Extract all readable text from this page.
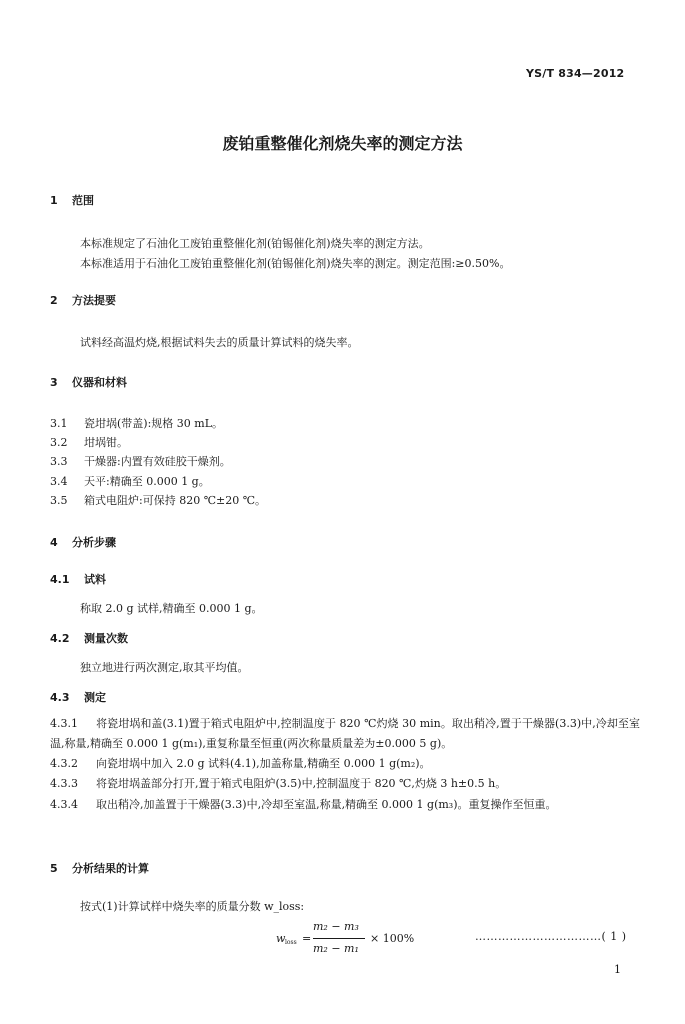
YS/T 834—2012
废铂重整催化剂烧失率的测定方法
1 范围
本标准规定了石油化工废铂重整催化剂(铂锡催化剂)烧失率的测定方法。
本标准适用于石油化工废铂重整催化剂(铂锡催化剂)烧失率的测定。测定范围:≥0.50%。
2 方法提要
试料经高温灼烧,根据试料失去的质量计算试料的烧失率。
3 仪器和材料
3.1 瓷坩埚(带盖):规格 30 mL。
3.2 坩埚钳。
3.3 干燥器:内置有效硅胶干燥剂。
3.4 天平:精确至 0.000 1 g。
3.5 箱式电阻炉:可保持 820 ℃±20 ℃。
4 分析步骤
4.1 试料
称取 2.0 g 试样,精确至 0.000 1 g。
4.2 测量次数
独立地进行两次测定,取其平均值。
4.3 测定
4.3.1 将瓷坩埚和盖(3.1)置于箱式电阻炉中,控制温度于 820 ℃灼烧 30 min。取出稍冷,置于干燥器(3.3)中,冷却至室温,称量,精确至 0.000 1 g(m₁),重复称量至恒重(两次称量质量差为±0.000 5 g)。
4.3.2 向瓷坩埚中加入 2.0 g 试料(4.1),加盖称量,精确至 0.000 1 g(m₂)。
4.3.3 将瓷坩埚盖部分打开,置于箱式电阻炉(3.5)中,控制温度于 820 ℃,灼烧 3 h±0.5 h。
4.3.4 取出稍冷,加盖置于干燥器(3.3)中,冷却至室温,称量,精确至 0.000 1 g(m₃)。重复操作至恒重。
5 分析结果的计算
按式(1)计算试样中烧失率的质量分数 w_loss:
w loss =
m₂ − m₃
m₂ − m₁
× 100%	……………………………( 1 )
1
